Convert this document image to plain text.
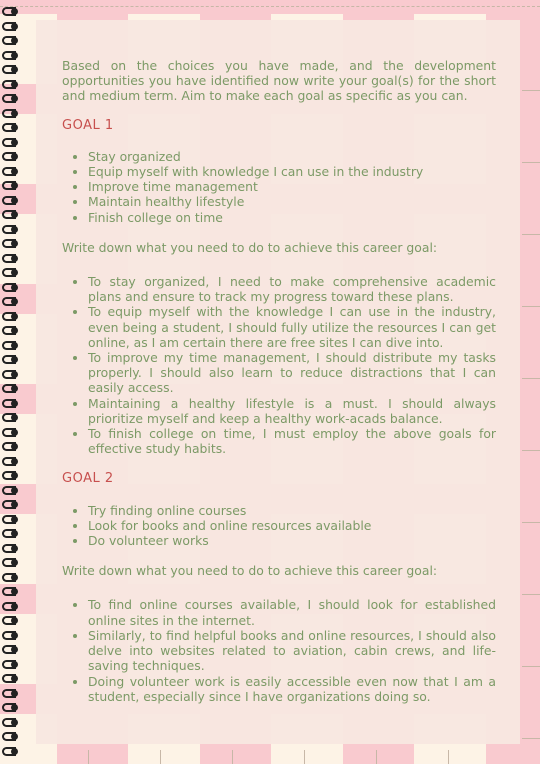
Based on the choices you have made, and the development opportunities you have identified now write your goal(s) for the short and medium term. Aim to make each goal as specific as you can.

GOAL 1
• Stay organized
• Equip myself with knowledge I can use in the industry
• Improve time management
• Maintain healthy lifestyle
• Finish college on time

Write down what you need to do to achieve this career goal:

• To stay organized, I need to make comprehensive academic plans and ensure to track my progress toward these plans.
• To equip myself with the knowledge I can use in the industry, even being a student, I should fully utilize the resources I can get online, as I am certain there are free sites I can dive into.
• To improve my time management, I should distribute my tasks properly. I should also learn to reduce distractions that I can easily access.
• Maintaining a healthy lifestyle is a must. I should always prioritize myself and keep a healthy work-acads balance.
• To finish college on time, I must employ the above goals for effective study habits.
GOAL 2
• Try finding online courses
• Look for books and online resources available
• Do volunteer works

Write down what you need to do to achieve this career goal:

• To find online courses available, I should look for established online sites in the internet.
• Similarly, to find helpful books and online resources, I should also delve into websites related to aviation, cabin crews, and life-saving techniques.
• Doing volunteer work is easily accessible even now that I am a student, especially since I have organizations doing so.
